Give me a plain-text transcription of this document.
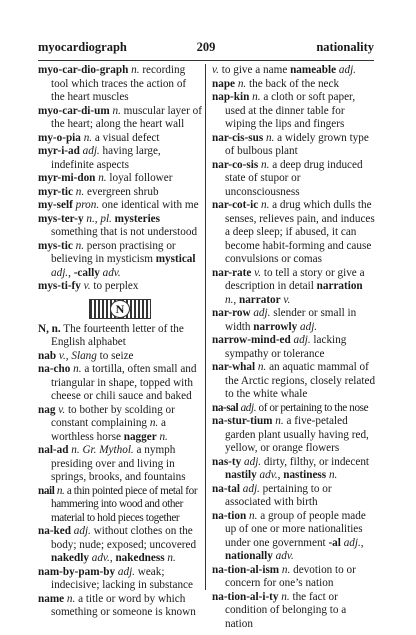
myocardiograph	209	nationality

myo-car-dio-graph n. recording tool which traces the action of the heart muscles

myo-car-di-um n. muscular layer of the heart; along the heart wall

my-o-pia n. a visual defect

myr-i-ad adj. having large, indefinite aspects

myr-mi-don n. loyal follower

myr-tic n. evergreen shrub

my-self pron. one identical with me

mys-ter-y n., pl. mysteries something that is not understood

mys-tic n. person practising or believing in mysticism mystical adj., -cally adv.

mys-ti-fy v. to perplex

N

N, n. The fourteenth letter of the English alphabet

nab v., Slang to seize

na-cho n. a tortilla, often small and triangular in shape, topped with cheese or chili sauce and baked

nag v. to bother by scolding or constant complaining n. a worthless horse nagger n.

nal-ad n. Gr. Mythol. a nymph presiding over and living in springs, brooks, and fountains

nail n. a thin pointed piece of metal for hammering into wood and other material to hold pieces together

na-ked adj. without clothes on the body; nude; exposed; uncovered nakedly adv., nakedness n.

nam-by-pam-by adj. weak; indecisive; lacking in substance

name n. a title or word by which something or someone is known

v. to give a name nameable adj.

nape n. the back of the neck

nap-kin n. a cloth or soft paper, used at the dinner table for wiping the lips and fingers

nar-cis-sus n. a widely grown type of bulbous plant

nar-co-sis n. a deep drug induced state of stupor or unconsciousness

nar-cot-ic n. a drug which dulls the senses, relieves pain, and induces a deep sleep; if abused, it can become habit-forming and cause convulsions or comas

nar-rate v. to tell a story or give a description in detail narration n., narrator v.

nar-row adj. slender or small in width narrowly adj.

narrow-mind-ed adj. lacking sympathy or tolerance

nar-whal n. an aquatic mammal of the Arctic regions, closely related to the white whale

na-sal adj. of or pertaining to the nose

na-stur-tium n. a five-petaled garden plant usually having red, yellow, or orange flowers

nas-ty adj. dirty, filthy, or indecent nastily adv., nastiness n.

na-tal adj. pertaining to or associated with birth

na-tion n. a group of people made up of one or more nationalities under one government -al adj., nationally adv.

na-tion-al-ism n. devotion to or concern for one’s nation

na-tion-al-i-ty n. the fact or condition of belonging to a nation
